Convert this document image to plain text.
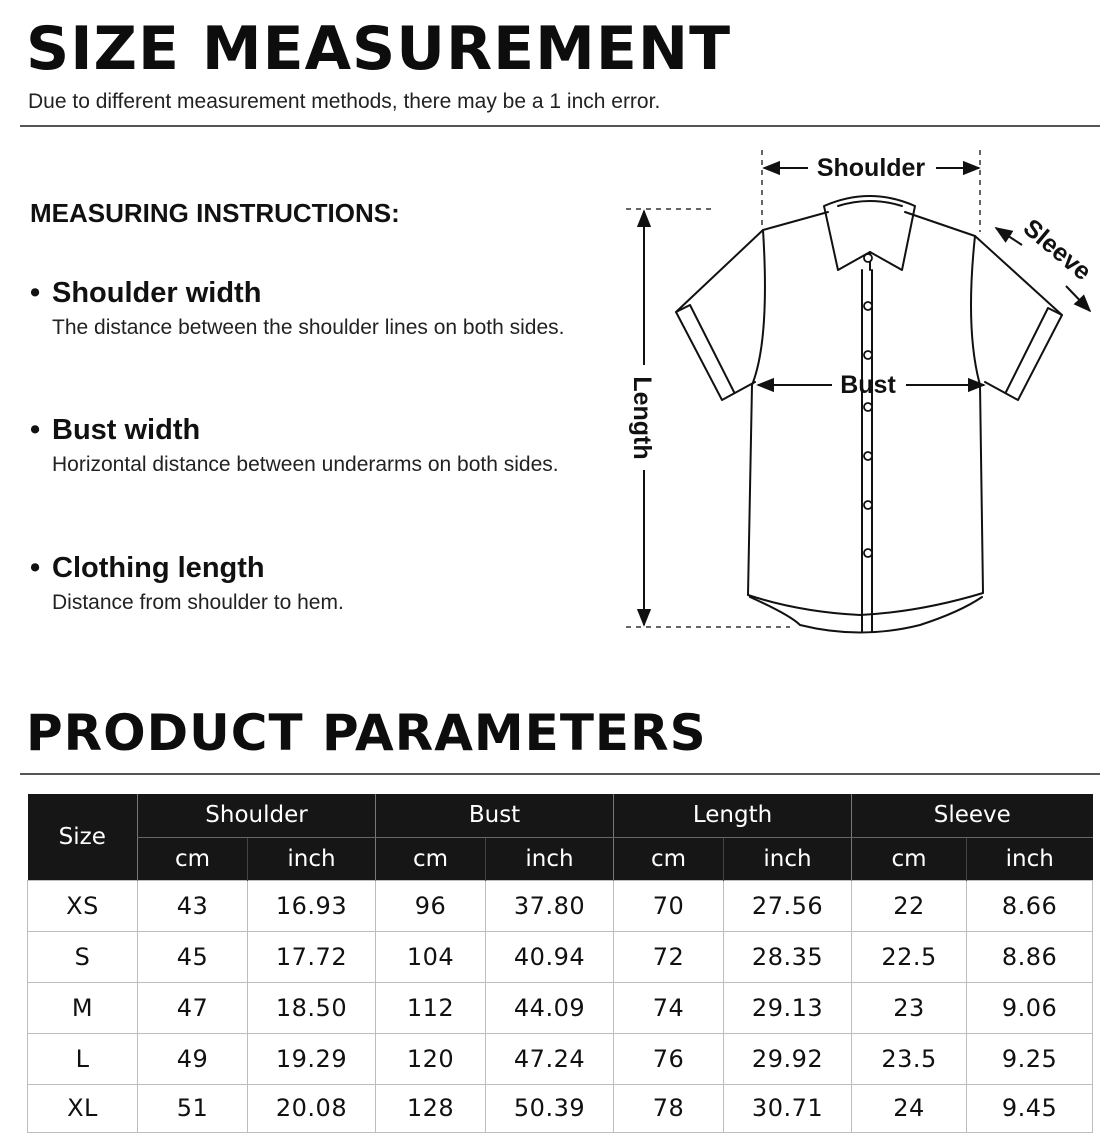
SIZE MEASUREMENT
Due to different measurement methods, there may be a 1 inch error.
MEASURING INSTRUCTIONS:
• Shoulder width
The distance between the shoulder lines on both sides.
• Bust width
Horizontal distance between underarms on both sides.
• Clothing length
Distance from shoulder to hem.
Shoulder
Bust
Length
Sleeve
PRODUCT PARAMETERS
Size	Shoulder		Bust		Length		Sleeve	
	cm	inch	cm	inch	cm	inch	cm	inch
XS	43	16.93	96	37.80	70	27.56	22	8.66
S	45	17.72	104	40.94	72	28.35	22.5	8.86
M	47	18.50	112	44.09	74	29.13	23	9.06
L	49	19.29	120	47.24	76	29.92	23.5	9.25
XL	51	20.08	128	50.39	78	30.71	24	9.45
